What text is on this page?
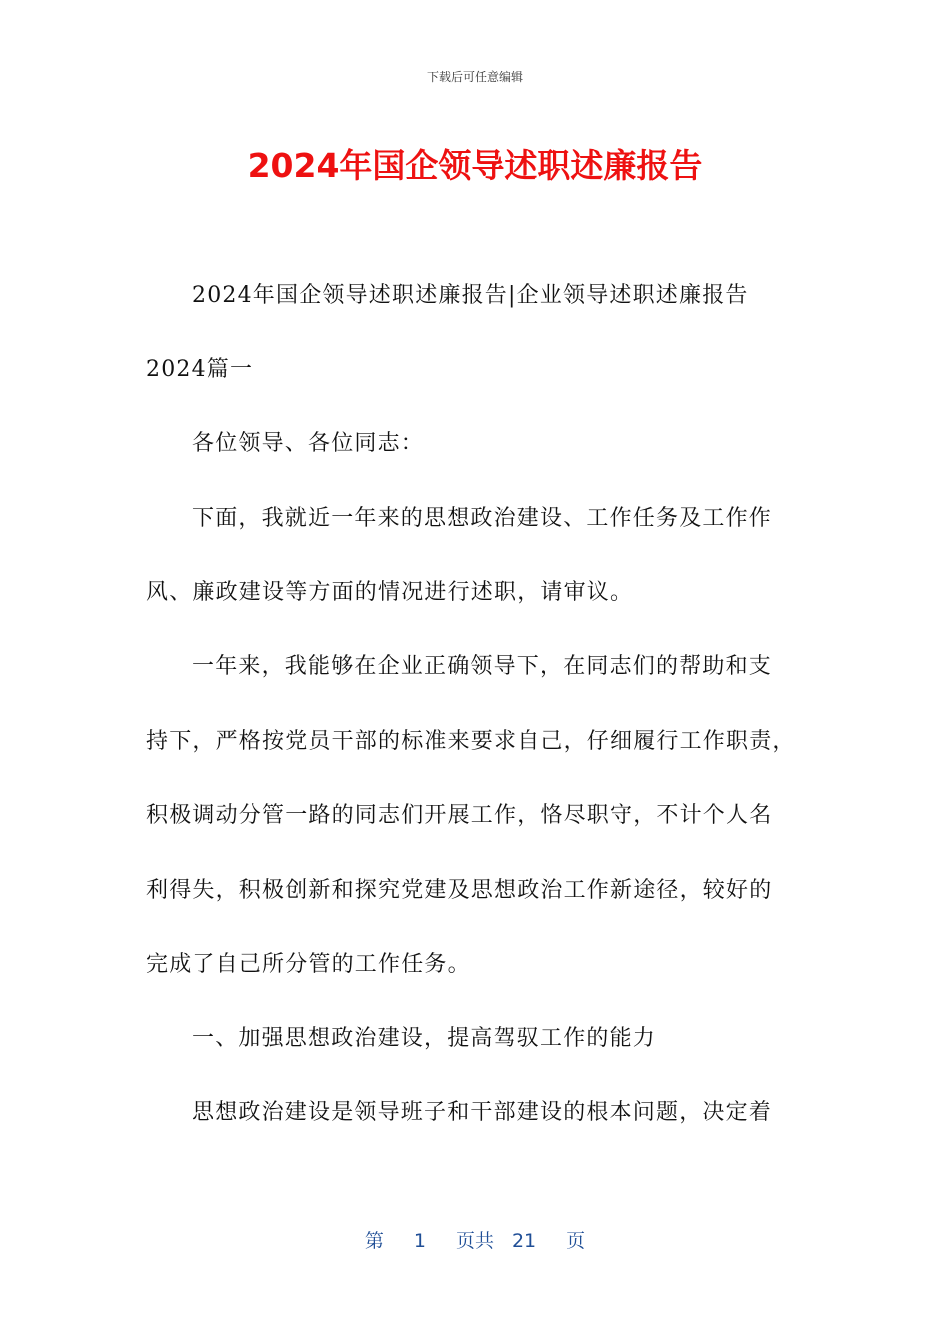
下载后可任意编辑
2024年国企领导述职述廉报告
2024年国企领导述职述廉报告|企业领导述职述廉报告
2024篇一
各位领导、各位同志：
下面，我就近一年来的思想政治建设、工作任务及工作作
风、廉政建设等方面的情况进行述职，请审议。
一年来，我能够在企业正确领导下，在同志们的帮助和支
持下，严格按党员干部的标准来要求自己，仔细履行工作职责，
积极调动分管一路的同志们开展工作，恪尽职守，不计个人名
利得失，积极创新和探究党建及思想政治工作新途径，较好的
完成了自己所分管的工作任务。
一、加强思想政治建设，提高驾驭工作的能力
思想政治建设是领导班子和干部建设的根本问题，决定着
第 1 页共 21 页
